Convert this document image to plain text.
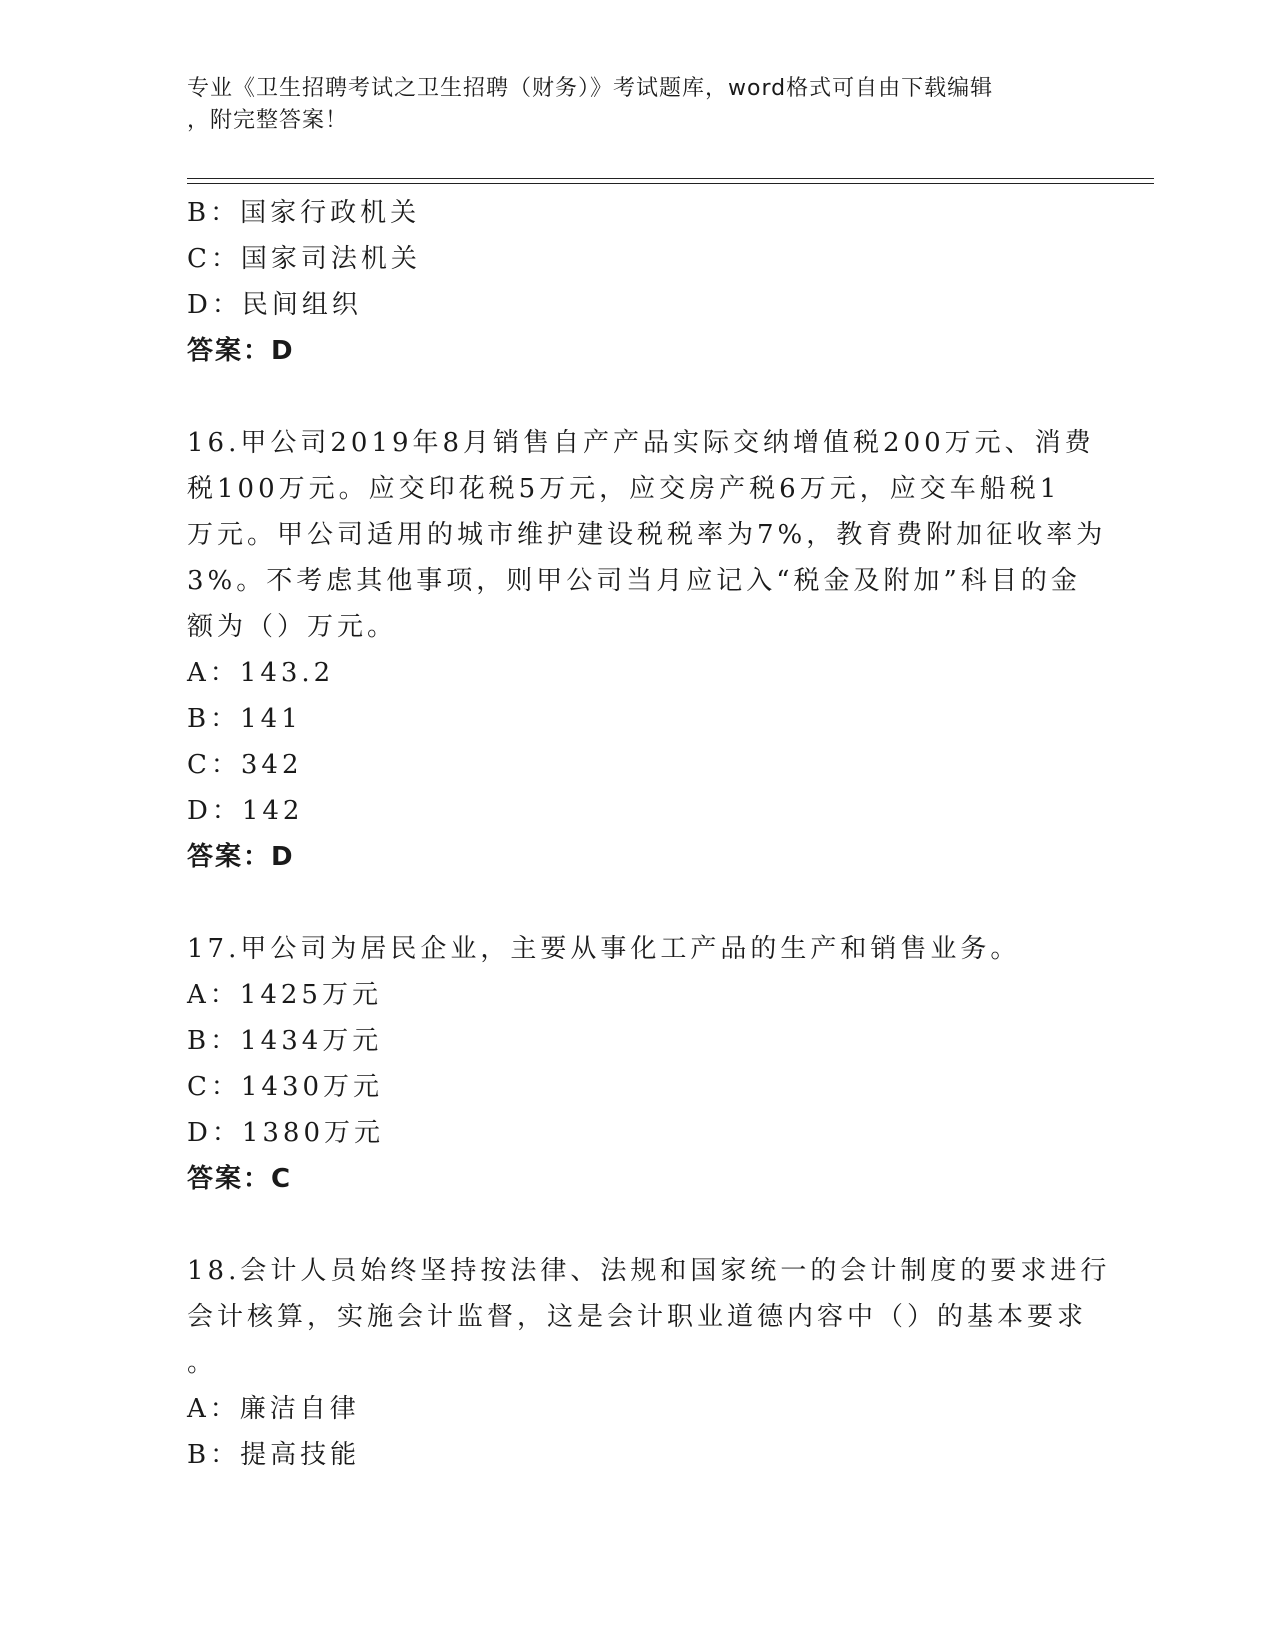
专业《卫生招聘考试之卫生招聘（财务）》考试题库，word格式可自由下载编辑
，附完整答案！
B：国家行政机关
C：国家司法机关
D：民间组织
答案：D
16.甲公司2019年8月销售自产产品实际交纳增值税200万元、消费
税100万元。应交印花税5万元，应交房产税6万元，应交车船税1
万元。甲公司适用的城市维护建设税税率为7%，教育费附加征收率为
3%。不考虑其他事项，则甲公司当月应记入“税金及附加”科目的金
额为（）万元。
A：143.2
B：141
C：342
D：142
答案：D
17.甲公司为居民企业，主要从事化工产品的生产和销售业务。
A：1425万元
B：1434万元
C：1430万元
D：1380万元
答案：C
18.会计人员始终坚持按法律、法规和国家统一的会计制度的要求进行
会计核算，实施会计监督，这是会计职业道德内容中（）的基本要求
。
A：廉洁自律
B：提高技能
